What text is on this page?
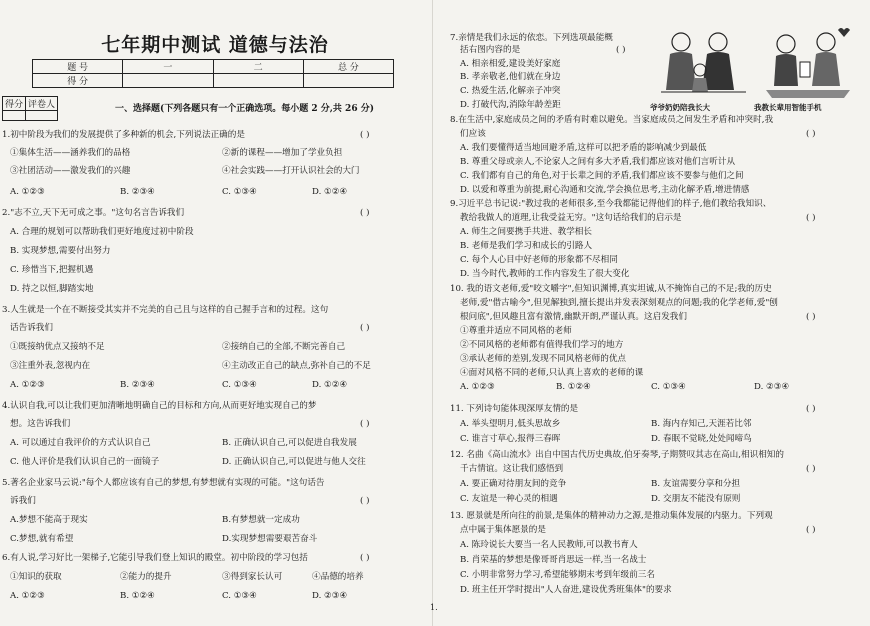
七年期中测试 道德与法治
题 号	一	二	总 分
得 分			
得分	评卷人
		一、选择题(下列各题只有一个正确选项。每小题 2 分,共 26 分)
1.初中阶段为我们的发展提供了多种新的机会,下列说法正确的是
①集体生活——涵养我们的品格	②新的课程——增加了学业负担
③社团活动——激发我们的兴趣	④社会实践——打开认识社会的大门
A. ①②③	B. ②③④	C. ①③④	D. ①②④
2."志不立,天下无可成之事。"这句名言告诉我们
A. 合理的规划可以帮助我们更好地度过初中阶段
B. 实现梦想,需要付出努力
C. 珍惜当下,把握机遇
D. 持之以恒,脚踏实地
3.人生就是一个在不断接受其实并不完美的自己且与这样的自己握手言和的过程。这句
话告诉我们
①既接纳优点又接纳不足	②接纳自己的全部,不断完善自己
③注重外表,忽视内在	④主动改正自己的缺点,弥补自己的不足
A. ①②③	B. ②③④	C. ①③④	D. ①②④
4.认识自我,可以让我们更加清晰地明确自己的目标和方向,从而更好地实现自己的梦
想。这告诉我们
A. 可以通过自我评价的方式认识自己	B. 正确认识自己,可以促进自我发展
C. 他人评价是我们认识自己的一面镜子	D. 正确认识自己,可以促进与他人交往
5.著名企业家马云说:"每个人都应该有自己的梦想,有梦想就有实现的可能。"这句话告
诉我们
A.梦想不能高于现实	B.有梦想就一定成功
C.梦想,就有希望	D.实现梦想需要艰苦奋斗
6.有人说,学习好比一架梯子,它能引导我们登上知识的殿堂。初中阶段的学习包括
①知识的获取	②能力的提升	③得到家长认可	④品德的培养
A. ①②③	B. ①②④	C. ①③④	D. ②③④
( )
( )
( )
( )
( )
( )
爷爷奶奶陪我长大	我教长辈用智能手机
7.亲情是我们永远的依恋。下列选项最能概
括右图内容的是
A. 相亲相爱,建设美好家庭
B. 孝亲敬老,他们就在身边
C. 热爱生活,化解亲子冲突
D. 打破代沟,消除年龄差距
8.在生活中,家庭成员之间的矛盾有时难以避免。当家庭成员之间发生矛盾和冲突时,我
们应该
A. 我们要懂得适当地回避矛盾,这样可以把矛盾的影响减少到最低
B. 尊重父母或亲人,不论家人之间有多大矛盾,我们都应该对他们言听计从
C. 我们都有自己的角色,对于长辈之间的矛盾,我们都应该不要参与他们之间
D. 以爱和尊重为前提,耐心沟通和交流,学会换位思考,主动化解矛盾,增进情感
9.习近平总书记说:"教过我的老师很多,至今我都能记得他们的样子,他们教给我知识、
教给我做人的道理,让我受益无穷。"这句话给我们的启示是
A. 师生之间要携手共进、教学相长
B. 老师是我们学习和成长的引路人
C. 每个人心目中好老师的形象都不尽相同
D. 当今时代,教师的工作内容发生了很大变化
10. 我的语文老师,爱"咬文嚼字",但知识渊博,真实坦诚,从不掩饰自己的不足;我的历史
老师,爱"借古喻今",但见解独到,擅长提出并发表深刻观点的问题;我的化学老师,爱"刨
根问底",但风趣且富有激情,幽默开朗,严谨认真。这启发我们
①尊重并适应不同风格的老师
②不同风格的老师都有值得我们学习的地方
③承认老师的差别,发现不同风格老师的优点
④面对风格不同的老师,只认真上喜欢的老师的课
A. ①②③	B. ①②④	C. ①③④	D. ②③④
11. 下列诗句能体现深厚友情的是
A. 举头望明月,低头思故乡	B. 海内存知己,天涯若比邻
C. 谁言寸草心,报得三春晖	D. 春眠不觉晓,处处闻啼鸟
12. 名曲《高山流水》出自中国古代历史典故,伯牙奏琴,子期赞叹其志在高山,相识相知的
千古情谊。这让我们感悟到
A. 要正确对待朋友间的竞争	B. 友谊需要分享和分担
C. 友谊是一种心灵的相遇	D. 交朋友不能没有原则
13. 愿景就是所向往的前景,是集体的精神动力之源,是推动集体发展的内驱力。下列观
点中属于集体愿景的是
A. 陈玲说长大要当一名人民教师,可以教书育人
B. 肖荣基的梦想是像哥哥肖思远一样,当一名战士
C. 小明非常努力学习,希望能够期末考到年级前三名
D. 班主任开学时提出"人人奋进,建设优秀班集体"的要求
( )
( )
( )
( )
( )
( )
( )
1.
